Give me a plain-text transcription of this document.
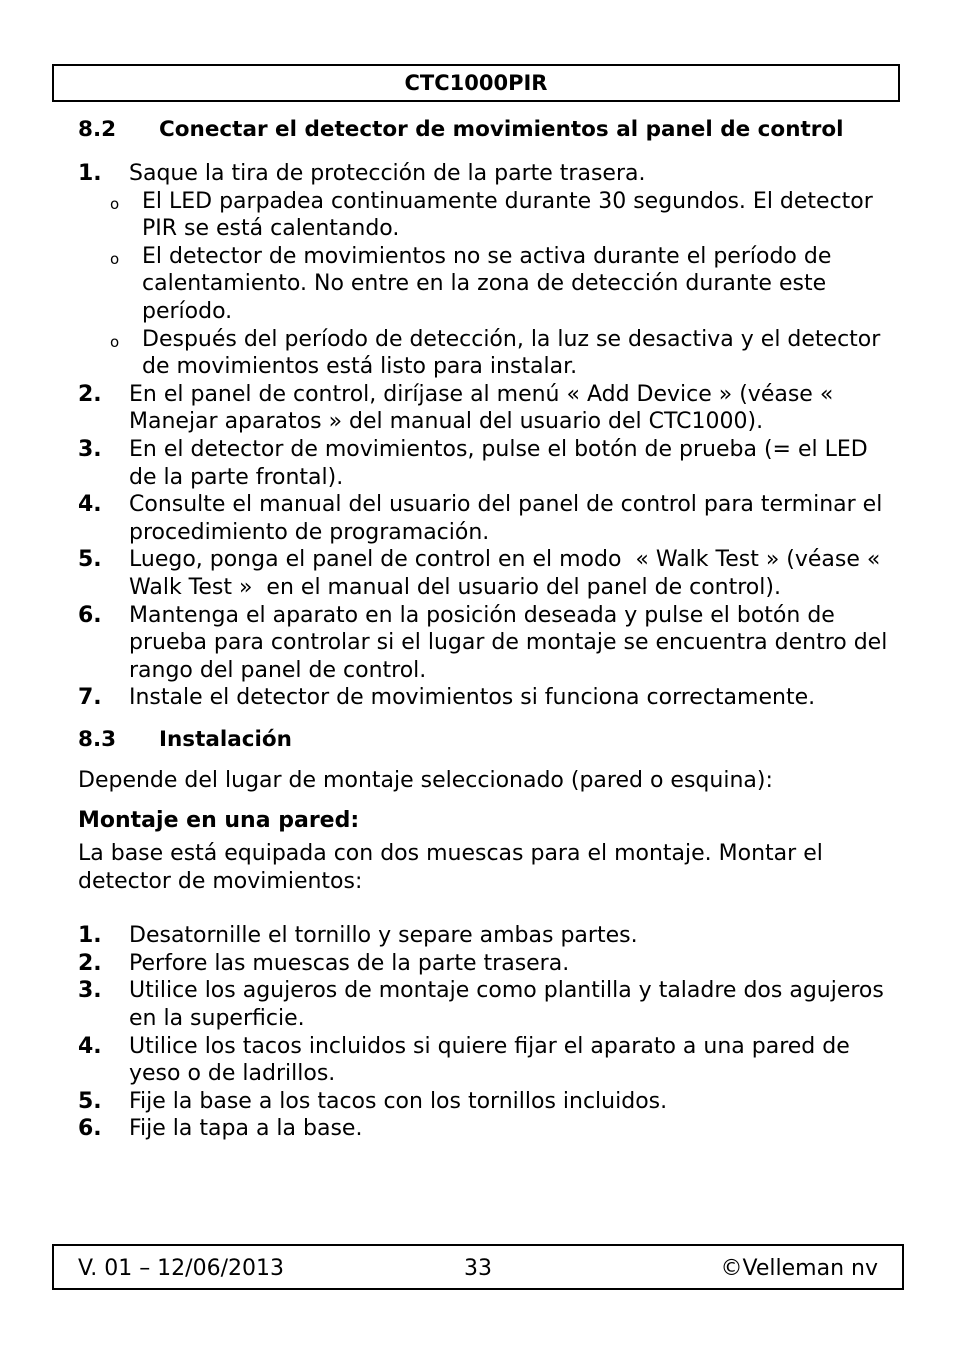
CTC1000PIR
8.2	Conectar el detector de movimientos al panel de control
1.	Saque la tira de protección de la parte trasera.
o	El LED parpadea continuamente durante 30 segundos. El detector PIR se está calentando.
o	El detector de movimientos no se activa durante el período de calentamiento. No entre en la zona de detección durante este período.
o	Después del período de detección, la luz se desactiva y el detector de movimientos está listo para instalar.
2.	En el panel de control, diríjase al menú « Add Device » (véase « Manejar aparatos » del manual del usuario del CTC1000).
3.	En el detector de movimientos, pulse el botón de prueba (= el LED de la parte frontal).
4.	Consulte el manual del usuario del panel de control para terminar el procedimiento de programación.
5.	Luego, ponga el panel de control en el modo  « Walk Test » (véase « Walk Test »  en el manual del usuario del panel de control).
6.	Mantenga el aparato en la posición deseada y pulse el botón de prueba para controlar si el lugar de montaje se encuentra dentro del rango del panel de control.
7.	Instale el detector de movimientos si funciona correctamente.
8.3	Instalación

Depende del lugar de montaje seleccionado (pared o esquina):

Montaje en una pared:

La base está equipada con dos muescas para el montaje. Montar el detector de movimientos:

1.	Desatornille el tornillo y separe ambas partes.
2.	Perfore las muescas de la parte trasera.
3.	Utilice los agujeros de montaje como plantilla y taladre dos agujeros en la superficie.
4.	Utilice los tacos incluidos si quiere fijar el aparato a una pared de yeso o de ladrillos.
5.	Fije la base a los tacos con los tornillos incluidos.
6.	Fije la tapa a la base.
V. 01 – 12/06/2013	33	©Velleman nv
